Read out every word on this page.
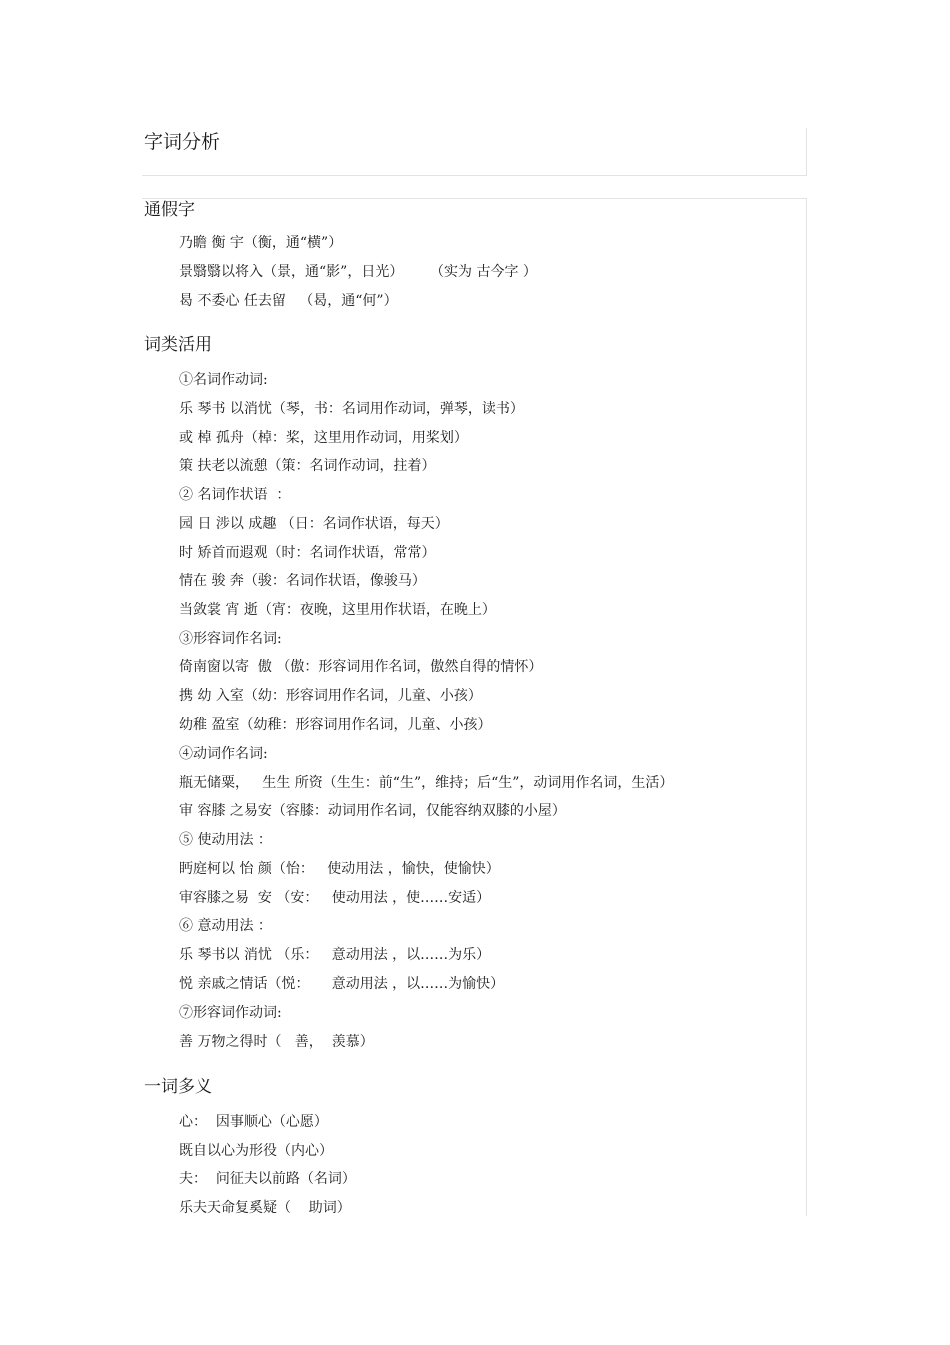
字词分析
通假字
乃瞻 衡 宇（衡，通“横”）
景翳翳以将入（景，通“影”，日光）      （实为 古今字 ）
曷 不委心 任去留   （曷，通“何”）
词类活用
①名词作动词:
乐 琴书 以消忧（琴，书：名词用作动词，弹琴，读书）
或 棹 孤舟（棹：桨，这里用作动词，用桨划）
策 扶老以流憩（策：名词作动词，拄着）
② 名词作状语  ：
园 日 涉以 成趣 （日：名词作状语，每天）
时 矫首而遐观（时：名词作状语，常常）
情在 骏 奔（骏：名词作状语，像骏马）
当敛裳 宵 逝（宵：夜晚，这里用作状语，在晚上）
③形容词作名词:
倚南窗以寄  傲 （傲：形容词用作名词，傲然自得的情怀）
携 幼 入室（幼：形容词用作名词，儿童、小孩）
幼稚 盈室（幼稚：形容词用作名词，儿童、小孩）
④动词作名词:
瓶无储粟，   生生 所资（生生：前“生”，维持；后“生”，动词用作名词，生活）
审 容膝 之易安（容膝：动词用作名词，仅能容纳双膝的小屋）
⑤ 使动用法 ：
眄庭柯以 怡 颜（怡：   使动用法 ，愉快，使愉快）
审容膝之易  安 （安：   使动用法 ，使……安适）
⑥ 意动用法 ：
乐 琴书以 消忧 （乐：   意动用法 ，以……为乐）
悦 亲戚之情话（悦：     意动用法 ，以……为愉快）
⑦形容词作动词:
善 万物之得时（   善，  羡慕）
一词多义
心：  因事顺心（心愿）
既自以心为形役（内心）
夫：  问征夫以前路（名词）
乐夫天命复奚疑（    助词）
